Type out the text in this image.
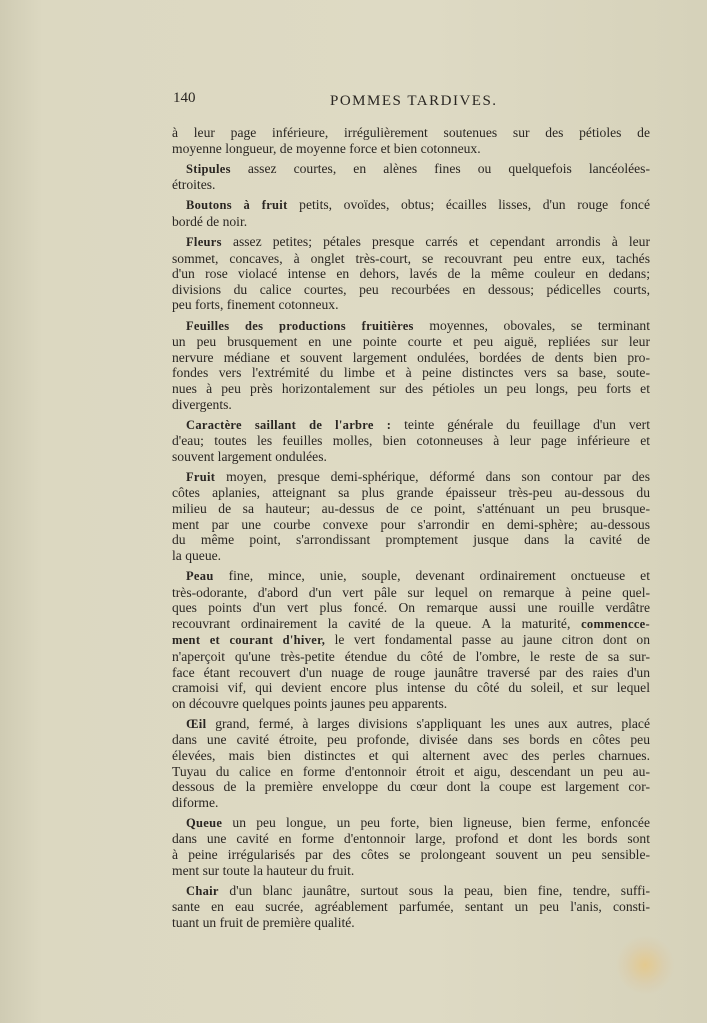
140	POMMES TARDIVES.
à leur page inférieure, irrégulièrement soutenues sur des pétioles de
moyenne longueur, de moyenne force et bien cotonneux.
Stipules assez courtes, en alènes fines ou quelquefois lancéolées-
étroites.
Boutons à fruit petits, ovoïdes, obtus; écailles lisses, d'un rouge foncé
bordé de noir.
Fleurs assez petites; pétales presque carrés et cependant arrondis à leur
sommet, concaves, à onglet très-court, se recouvrant peu entre eux, tachés
d'un rose violacé intense en dehors, lavés de la même couleur en dedans;
divisions du calice courtes, peu recourbées en dessous; pédicelles courts,
peu forts, finement cotonneux.
Feuilles des productions fruitières moyennes, obovales, se terminant
un peu brusquement en une pointe courte et peu aiguë, repliées sur leur
nervure médiane et souvent largement ondulées, bordées de dents bien pro-
fondes vers l'extrémité du limbe et à peine distinctes vers sa base, soute-
nues à peu près horizontalement sur des pétioles un peu longs, peu forts et
divergents.
Caractère saillant de l'arbre : teinte générale du feuillage d'un vert
d'eau; toutes les feuilles molles, bien cotonneuses à leur page inférieure et
souvent largement ondulées.
Fruit moyen, presque demi-sphérique, déformé dans son contour par des
côtes aplanies, atteignant sa plus grande épaisseur très-peu au-dessous du
milieu de sa hauteur; au-dessus de ce point, s'atténuant un peu brusque-
ment par une courbe convexe pour s'arrondir en demi-sphère; au-dessous
du même point, s'arrondissant promptement jusque dans la cavité de
la queue.
Peau fine, mince, unie, souple, devenant ordinairement onctueuse et
très-odorante, d'abord d'un vert pâle sur lequel on remarque à peine quel-
ques points d'un vert plus foncé. On remarque aussi une rouille verdâtre
recouvrant ordinairement la cavité de la queue. A la maturité, commencce-
ment et courant d'hiver, le vert fondamental passe au jaune citron dont on
n'aperçoit qu'une très-petite étendue du côté de l'ombre, le reste de sa sur-
face étant recouvert d'un nuage de rouge jaunâtre traversé par des raies d'un
cramoisi vif, qui devient encore plus intense du côté du soleil, et sur lequel
on découvre quelques points jaunes peu apparents.
Œil grand, fermé, à larges divisions s'appliquant les unes aux autres, placé
dans une cavité étroite, peu profonde, divisée dans ses bords en côtes peu
élevées, mais bien distinctes et qui alternent avec des perles charnues.
Tuyau du calice en forme d'entonnoir étroit et aigu, descendant un peu au-
dessous de la première enveloppe du cœur dont la coupe est largement cor-
diforme.
Queue un peu longue, un peu forte, bien ligneuse, bien ferme, enfoncée
dans une cavité en forme d'entonnoir large, profond et dont les bords sont
à peine irrégularisés par des côtes se prolongeant souvent un peu sensible-
ment sur toute la hauteur du fruit.
Chair d'un blanc jaunâtre, surtout sous la peau, bien fine, tendre, suffi-
sante en eau sucrée, agréablement parfumée, sentant un peu l'anis, consti-
tuant un fruit de première qualité.
